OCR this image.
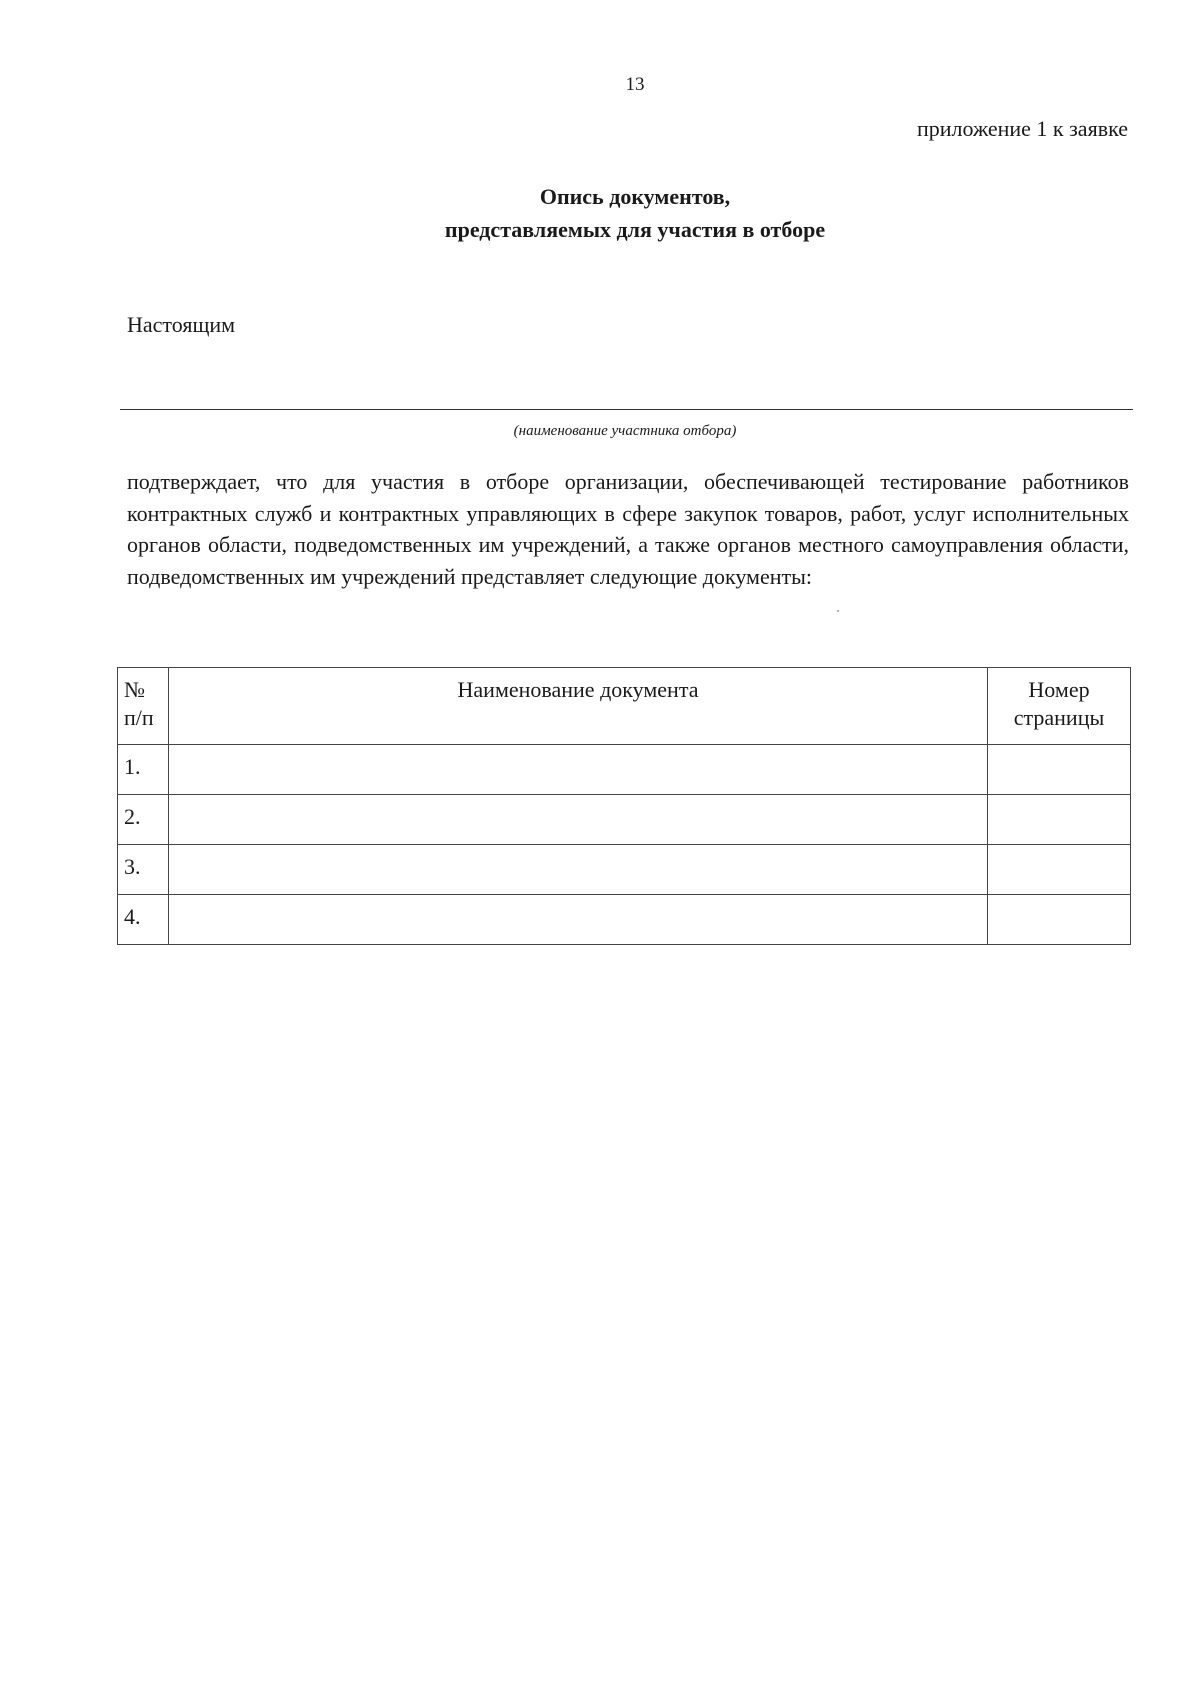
13
приложение 1 к заявке
Опись документов,
представляемых для участия в отборе
Настоящим
(наименование участника отбора)
подтверждает, что для участия в отборе организации, обеспечивающей тестирование работников контрактных служб и контрактных управляющих в сфере закупок товаров, работ, услуг исполнительных органов области, подведомственных им учреждений, а также органов местного самоуправления области, подведомственных им учреждений представляет следующие документы:
№ п/п	Наименование документа	Номер страницы
1.		
2.		
3.		
4.		
